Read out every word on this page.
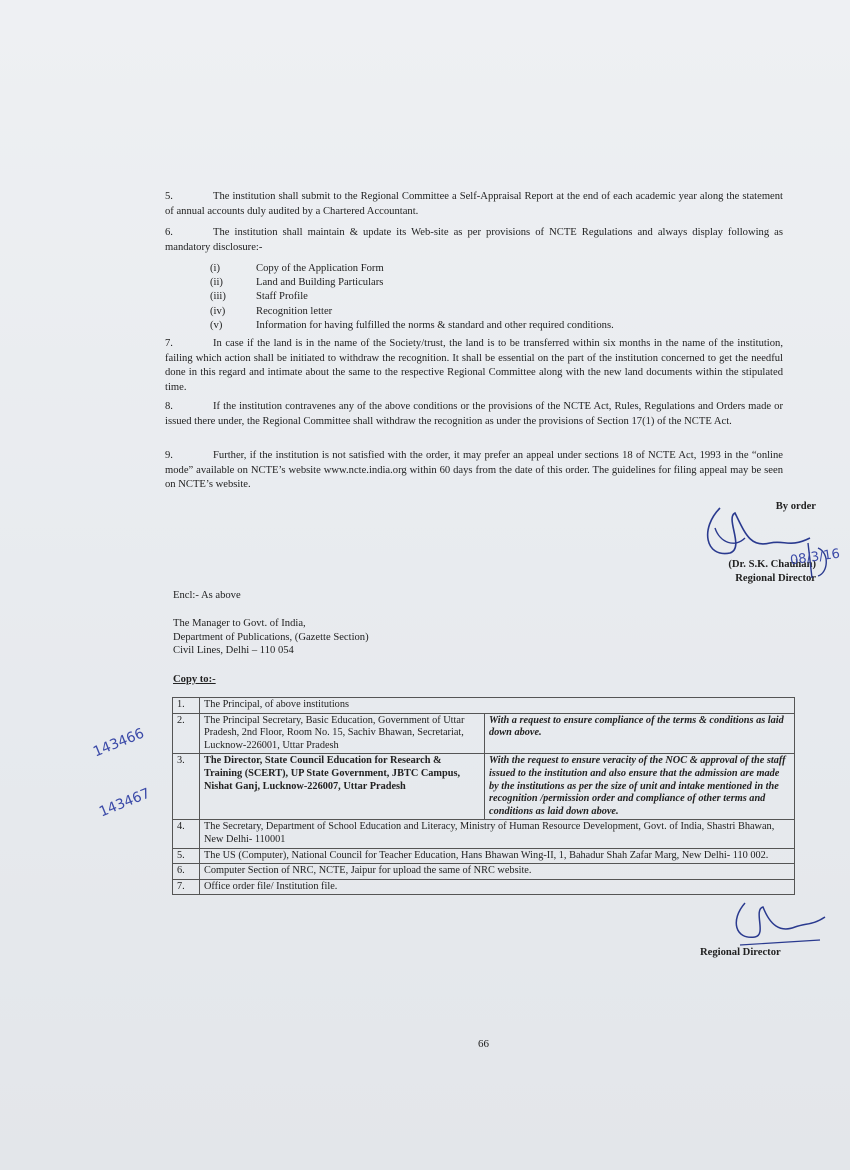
5.	The institution shall submit to the Regional Committee a Self-Appraisal Report at the end of each academic year along the statement of annual accounts duly audited by a Chartered Accountant.
6.	The institution shall maintain & update its Web-site as per provisions of NCTE Regulations and always display following as mandatory disclosure:-
(i)	Copy of the Application Form
(ii)	Land and Building Particulars
(iii)	Staff Profile
(iv)	Recognition letter
(v)	Information for having fulfilled the norms & standard and other required conditions.
7.	In case if the land is in the name of the Society/trust, the land is to be transferred within six months in the name of the institution, failing which action shall be initiated to withdraw the recognition. It shall be essential on the part of the institution concerned to get the needful done in this regard and intimate about the same to the respective Regional Committee along with the new land documents within the stipulated time.
8.	If the institution contravenes any of the above conditions or the provisions of the NCTE Act, Rules, Regulations and Orders made or issued there under, the Regional Committee shall withdraw the recognition as under the provisions of Section 17(1) of the NCTE Act.
9.	Further, if the institution is not satisfied with the order, it may prefer an appeal under sections 18 of NCTE Act, 1993 in the “online mode” available on NCTE’s website www.ncte.india.org within 60 days from the date of this order. The guidelines for filing appeal may be seen on NCTE’s website.
By order
(Dr. S.K. Chauhan)
Regional Director
08/3/16
Encl:- As above
The Manager to Govt. of India,
Department of Publications, (Gazette Section)
Civil Lines, Delhi – 110 054
Copy to:-
1.	The Principal, of above institutions	
2.	The Principal Secretary, Basic Education, Government of Uttar Pradesh, 2nd Floor, Room No. 15, Sachiv Bhawan, Secretariat, Lucknow-226001, Uttar Pradesh	With a request to ensure compliance of the terms & conditions as laid down above.
3.	The Director, State Council Education for Research & Training (SCERT), UP State Government, JBTC Campus, Nishat Ganj, Lucknow-226007, Uttar Pradesh	With the request to ensure veracity of the NOC & approval of the staff issued to the institution and also ensure that the admission are made by the institutions as per the size of unit and intake mentioned in the recognition /permission order and compliance of other terms and conditions as laid down above.
4.	The Secretary, Department of School Education and Literacy, Ministry of Human Resource Development, Govt. of India, Shastri Bhawan, New Delhi- 110001	
5.	The US (Computer), National Council for Teacher Education, Hans Bhawan Wing-II, 1, Bahadur Shah Zafar Marg, New Delhi- 110 002.	
6.	Computer Section of NRC, NCTE, Jaipur for upload the same of NRC website.	
7.	Office order file/ Institution file.	
143466
143467
Regional Director
66
